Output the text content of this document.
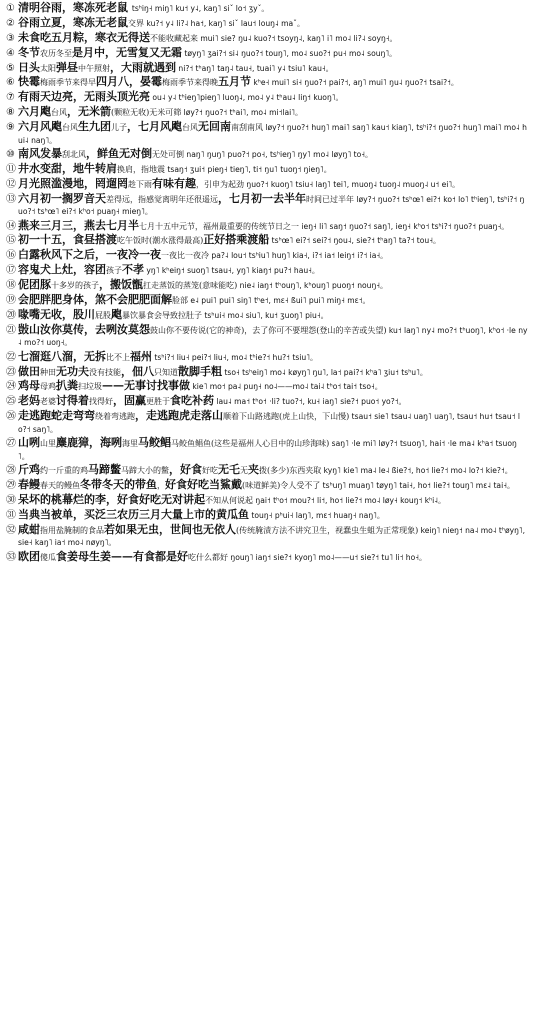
① 清明谷雨，寒冻死老鼠 tsʰiŋ˧ miŋ˥ ku˦ y˨, kaŋ˥ siˇ lo˦ ʒyˇ。
② 谷雨立夏，寒冻无老鼠交界 ku?˦ y˨ li?˨ ha˦, kaŋ˥ siˇ lau˦ louŋ˨ maˇ。
③ 未食吃五月粽，寒衣无得送不能收藏起来 mui˥ sie? ŋu˨ kuo?˦ tsoyŋ˨, kaŋ˥ i˥ mo˨ li?˨ soyŋ˧。
④ 冬节农历冬至是月中，无雪复又无霜 tøyŋ˥ ʒai?˦ si˨ ŋuo?˦ touŋ˥, mo˨ suo?˦ pu˧ mo˨ souŋ˥。
⑤ 日头太阳弹昼中午照射，大雨就遇到 ni?˦ tʰaŋ˥ taŋ˨ tau˧, tuai˥ y˨ tsiu˥ kau˧。
⑥ 快霉梅雨季节来得早四月八，晏霉梅雨季节来得晚五月节 kʰe˧ mui˥ si˧ ŋuo?˦ pai?˦, aŋ˥ mui˥ ŋu˨ ŋuo?˦ tsai?˦。
⑦ 有雨天边亮，无雨头顶光亮 ou˨ y˨ tʰieŋ˥pieŋ˥ luoŋ˨, mo˨ y˨ tʰau˨ liŋ˦ kuoŋ˥。
⑧ 六月飑台风，无米箭(颗粒无收)无米可筛 løy?˦ ŋuo?˦ tʰai˥, mo˨ mi˦lai˥。
⑨ 六月风飑台风生九团儿子，七月风飑台风无回南南刮南风 løy?˦ ŋuo?˦ huŋ˥ mai˥ saŋ˥ kau˦ kiaŋ˥, tsʰi?˦ ŋuo?˦ huŋ˥ mai˥ mo˨ hui˨ naŋ˥。
⑩ 南风发暴刮北风，鲜鱼无对倒无处可倒 naŋ˥ ŋuŋ˥ puo?˦ po˧, tsʰieŋ˥ ŋy˥ mo˨ løyŋ˥ to˧。
⑪ 井水变甜，地牛转肩换肩，指地震 tsaŋ˦ ʒui˦ pieŋ˧ tieŋ˥, ti˦ ŋu˥ tuoŋ˦ ŋieŋ˥。
⑫ 月光照滥漫地，罔遛罔趁下雨有味有趣，引申为起劲 ŋuo?˦ kuoŋ˥ tsiu˧ laŋ˥ tei˥, muoŋ˨ tuoŋ˨ muoŋ˨ u˦ ei˥。
⑬ 六月初一搁罗音天差得远，指感觉离明年还很遥远，七月初一去半年时间已过半年 løy?˦ ŋuo?˦ tsʰœ˥ ei?˦ ko˦ lo˥ tʰieŋ˥, tsʰi?˦ ŋuo?˦ tsʰœ˥ ei?˦ kʰo˦ puaŋ˧ mieŋ˥。
⑭ 燕来三月三，燕去七月半七月十五中元节，福州最重要的传统节日之一 ieŋ˧ li˥ saŋ˦ ŋuo?˦ saŋ˥, ieŋ˧ kʰo˦ tsʰi?˦ ŋuo?˦ puaŋ˧。
⑮ 初一十五，食昼搭渡吃午饭时(潮水涨得最高)正好搭乘渡船 tsʰœ˥ ei?˦ sei?˦ ŋou˨, sie?˦ tʰaŋ˥ ta?˦ tou˧。
⑯ 白露秋风下之后，一夜冷一夜一夜比一夜冷 pa?˨ lou˦ tsʰiu˥ huŋ˥ kia˧, i?˦ ia˦ leiŋ˦ i?˦ ia˧。
⑰ 容鬼犬上灶，容团孩子不孝 yŋ˥ kʰeiŋ˦ suoŋ˥ tsau˧, yŋ˥ kiaŋ˦ pu?˦ hau˧。
⑱ 伲团豚十多岁的孩子，搬饭甑扛走蒸饭的蒸笼(意味能吃) nie˨ iaŋ˦ tʰouŋ˥, kʰouŋ˥ puoŋ˦ nouŋ˧。
⑲ 会肥胖肥身体，煞不会肥肥面解脸部 e˨ pui˥ pui˥ siŋ˥ tʰe˦, mɛ˧ ßui˥ pui˥ miŋ˧ mɛ˦。
⑳ 喙嘴无收，股川屁股飑暴饮暴食会导致拉肚子 tsʰui˧ mo˨ siu˥, ku˦ ʒuoŋ˥ piu˧。
㉑ 敱山汝你莫传，去咧汝莫怨鼓山你不要传说(它的神奇)，去了你可不要埋怨(登山的辛苦或失望) ku˦ laŋ˥ ny˨ mo?˦ tʰuoŋ˥, kʰo˦ ·le ny˨ mo?˦ uoŋ˧。
㉒ 七溜逛八溜，无拆比不上福州 tsʰi?˦ liu˧ pei?˦ liu˧, mo˨ tʰie?˦ hu?˦ tsiu˥。
㉓ 做田种田无功夫没有技能，佃八只知道散脚手粗 tso˧ tsʰeiŋ˥ mo˨ køyŋ˥ ŋu˥, la˦ pai?˦ kʰa˥ ʒiu˦ tsʰu˥。
㉔ 鸡母母鸡扒粪扫垃圾——无事讨找事做 kie˥ mo˦ pa˨ puŋ˧ no˨——mo˨ tai˨ tʰo˦ tai˦ tso˧。
㉕ 老妈老婆讨得着找得好，固赢更胜于食吃补药 lau˨ ma˦ tʰo˦ ·li? tuo?˦, ku˧ iaŋ˥ sie?˦ puo˦ yo?˦。
㉖ 走逃跑蛇走弯弯绕着弯逃跑，走逃跑虎走落山顺着下山路逃跑(虎上山快，下山慢) tsau˦ sie˥ tsau˨ uaŋ˥ uaŋ˥, tsau˦ hu˦ tsau˦ lo?˦ saŋ˥。
㉗ 山咧山里麋鹿獐，海咧海里马鲛鲳马鲛鱼鲳鱼(这些是福州人心目中的山珍海味) saŋ˥ ·le mi˥ løy?˦ tsuoŋ˥, hai˦ ·le ma˨ kʰa˦ tsuoŋ˥。
㉘ 斤鸡约一斤重的鸡马蹄鳖马蹄大小的鳖，好食好吃无乇无夹拨(多少)东西夹取 kyŋ˥ kie˥ ma˨ le˨ ßie?˦, ho˦ lie?˦ mo˨ lo?˦ kie?˦。
㉙ 春鳗春天的鳗鱼冬带冬天的带鱼，好食好吃当鯊戴(味道鲜美)令人受不了 tsʰuŋ˥ muaŋ˥ tøyŋ˥ tai˧, ho˦ lie?˦ touŋ˥ mɛ˨ tai˧。
㉚ 呆坏的桃幕烂的李，好食好吃无对讲起不知从何说起 ŋai˦ tʰo˦ mou?˦ li˦, ho˦ lie?˦ mo˨ løy˧ kouŋ˦ kʰi˨。
㉛ 当典当被单，买泛三农历三月大量上市的黄瓜鱼 touŋ˧ pʰui˧ laŋ˥, mɛ˦ huaŋ˧ naŋ˥。
㉜ 咸蚶指用盐腌制的食品若如果无虫，世间也无依人(传统腌渍方法不讲究卫生，视蠢虫生蛆为正常现象) keiŋ˥ nieŋ˦ na˨ mo˨ tʰøyŋ˥, sie˧ kaŋ˥ ia˦ mo˨ nøyŋ˥。
㉝ 欧团傻瓜食姜母生姜——有食都是好吃什么都好 ŋouŋ˥ iaŋ˦ sie?˦ kyoŋ˥ mo˨——u˦ sie?˦ tu˥ li˦ ho˧。
